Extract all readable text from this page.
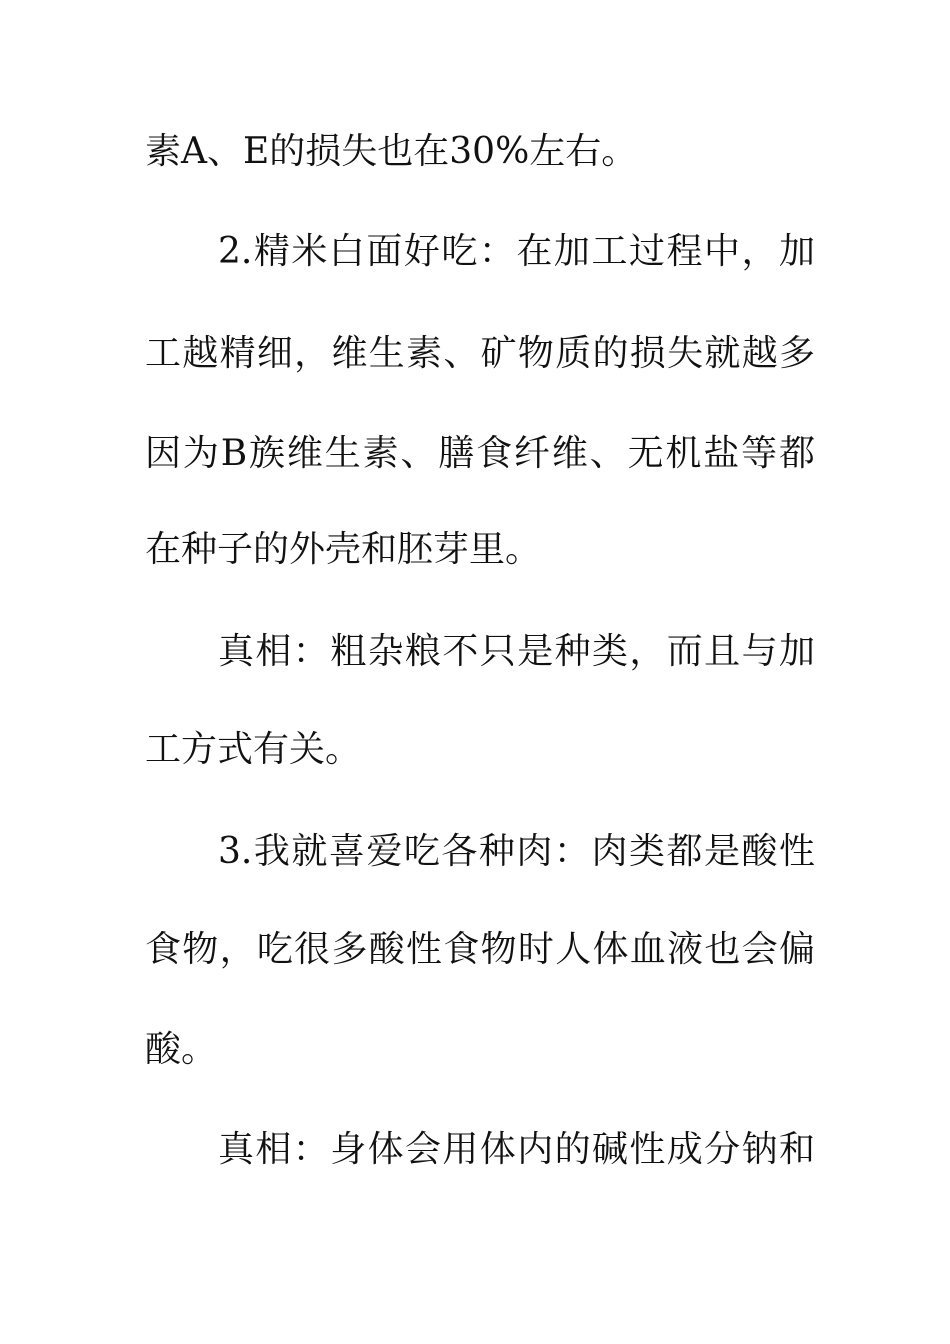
素A、E的损失也在30%左右。
2.精米白面好吃：在加工过程中，加
工越精细，维生素、矿物质的损失就越多
因为B族维生素、膳食纤维、无机盐等都
在种子的外壳和胚芽里。
真相：粗杂粮不只是种类，而且与加
工方式有关。
3.我就喜爱吃各种肉：肉类都是酸性
食物，吃很多酸性食物时人体血液也会偏
酸。
真相：身体会用体内的碱性成分钠和
